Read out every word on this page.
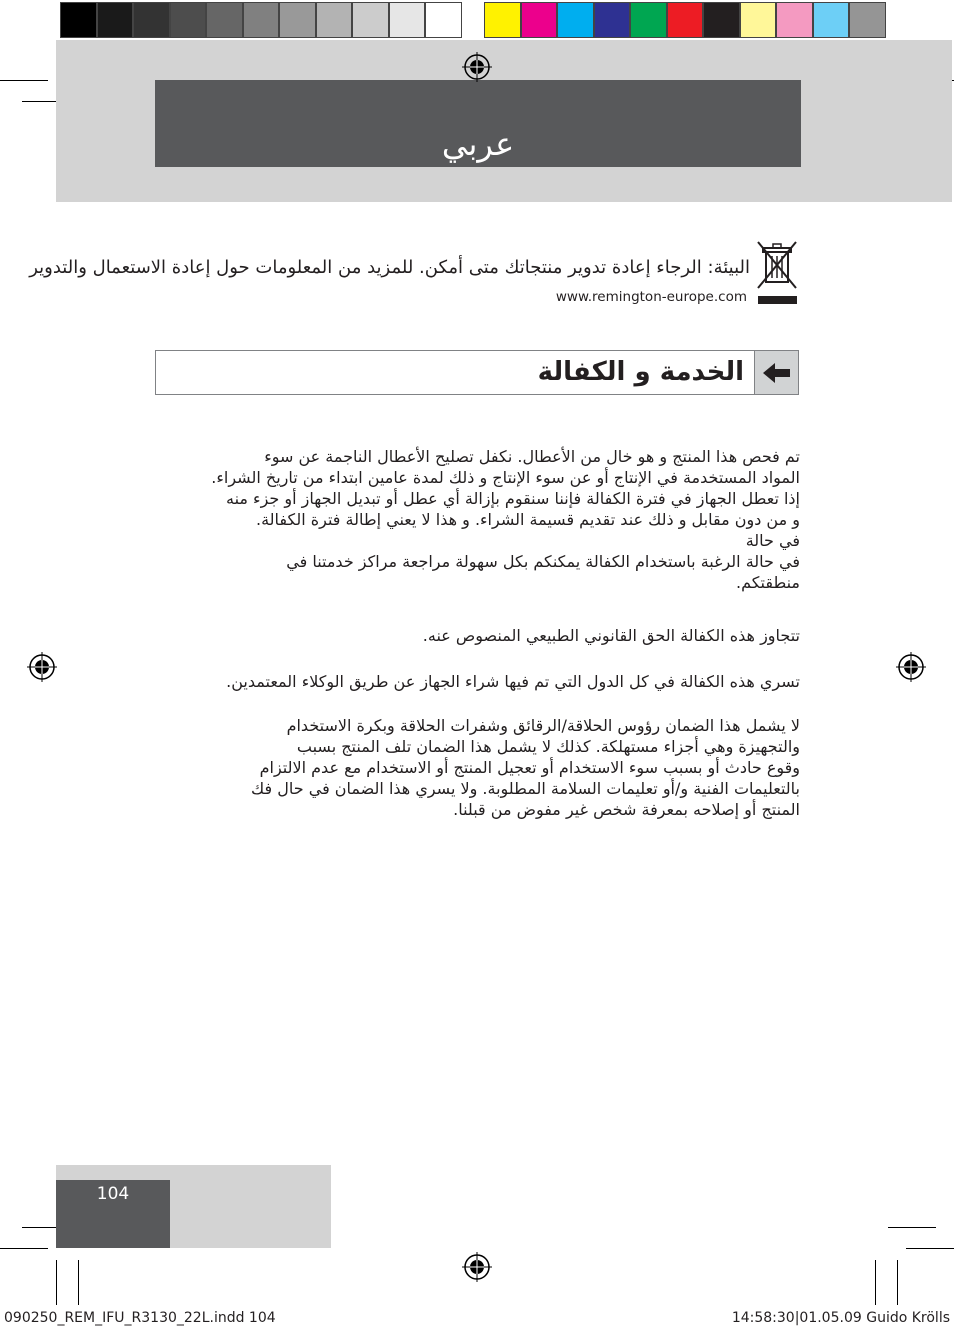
عربي
البيئة: الرجاء إعادة تدوير منتجاتك متى أمكن. للمزيد من المعلومات حول إعادة الاستعمال والتدوير
www.remington-europe.com
الخدمة و الكفالة
تم فحص هذا المنتج و هو خال من الأعطال. نكفل تصليح الأعطال الناجمة عن سوء
المواد المستخدمة في الإنتاج أو عن سوء الإنتاج و ذلك لمدة عامين ابتداء من تاريخ الشراء.
إذا تعطل الجهاز في فترة الكفالة فإننا سنقوم بإزالة أي عطل أو تبديل الجهاز أو جزء منه
و من دون مقابل و ذلك عند تقديم قسيمة الشراء. و هذا لا يعني إطالة فترة الكفالة.
في حالة
في حالة الرغبة باستخدام الكفالة يمكنكم بكل سهولة مراجعة مراكز خدمتنا في
منطقتكم.
تتجاوز هذه الكفالة الحق القانوني الطبيعي المنصوص عنه.
تسري هذه الكفالة في كل الدول التي تم فيها شراء الجهاز عن طريق الوكلاء المعتمدين.
لا يشمل هذا الضمان رؤوس الحلاقة/الرقائق وشفرات الحلاقة وبكرة الاستخدام
والتجهيزة وهي أجزاء مستهلكة. كذلك لا يشمل هذا الضمان تلف المنتج بسبب
وقوع حادث أو بسبب سوء الاستخدام أو تعجيل المنتج أو الاستخدام مع عدم الالتزام
بالتعليمات الفنية و/أو تعليمات السلامة المطلوبة. ولا يسري هذا الضمان في حال فك
المنتج أو إصلاحه بمعرفة شخص غير مفوض من قبلنا.
104
090250_REM_IFU_R3130_22L.indd 104	14:58:30|01.05.09 Guido Krölls
